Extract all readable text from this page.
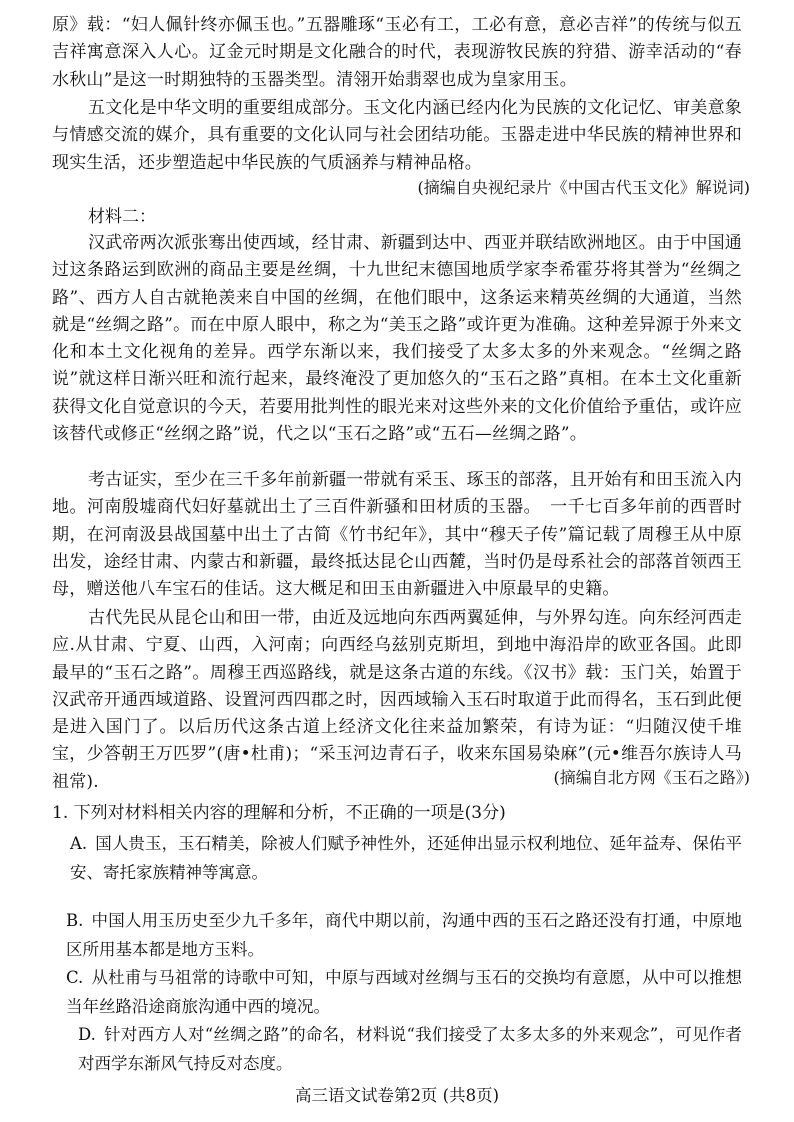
原》载：“妇人佩针终亦佩玉也。”五器雕琢“玉必有工，工必有意，意必吉祥”的传统与似五吉祥寓意深入人心。辽金元时期是文化融合的时代，表现游牧民族的狩猎、游幸活动的“春水秋山”是这一时期独特的玉器类型。清翎开始翡翠也成为皇家用玉。

五文化是中华文明的重要组成部分。玉文化内涵已经内化为民族的文化记忆、审美意象与情感交流的媒介，具有重要的文化认同与社会团结功能。玉器走进中华民族的精神世界和现实生活，还步塑造起中华民族的气质涵养与精神品格。

(摘编自央视纪录片《中国古代玉文化》解说词)
材料二：

汉武帝两次派张骞出使西域，经甘肃、新疆到达中、西亚并联结欧洲地区。由于中国通过这条路运到欧洲的商品主要是丝绸，十九世纪末德国地质学家李希霍芬将其誉为“丝绸之路”、西方人自古就艳羡来自中国的丝绸，在他们眼中，这条运来精英丝绸的大通道，当然就是“丝绸之路”。而在中原人眼中，称之为“美玉之路”或许更为准确。这种差异源于外来文化和本土文化视角的差异。西学东渐以来，我们接受了太多太多的外来观念。“丝绸之路说”就这样日渐兴旺和流行起来，最终淹没了更加悠久的“玉石之路”真相。在本土文化重新获得文化自觉意识的今天，若要用批判性的眼光来对这些外来的文化价值给予重估，或许应该替代或修正“丝纲之路”说，代之以“玉石之路”或“五石—丝绸之路”。

考古证实，至少在三千多年前新疆一带就有采玉、琢玉的部落，且开始有和田玉流入内地。河南殷墟商代妇好墓就出土了三百件新骚和田材质的玉器。　一千七百多年前的西晋时期，在河南汲县战国墓中出土了古简《竹书纪年》，其中“穆天子传”篇记载了周穆王从中原出发，途经甘肃、内蒙古和新疆，最终抵达昆仑山西麓，当时仍是母系社会的部落首领西王母，赠送他八车宝石的佳话。这大概足和田玉由新疆进入中原最早的史籍。

古代先民从昆仑山和田一带，由近及远地向东西两翼延伸，与外界勾连。向东经河西走应.从甘肃、宁夏、山西，入河南；向西经乌兹别克斯坦，到地中海沿岸的欧亚各国。此即最早的“玉石之路”。周穆王西巡路线，就是这条古道的东线。《汉书》载：玉门关，始置于汉武帝开通西域道路、设置河西四郡之时，因西域输入玉石时取道于此而得名，玉石到此便是进入国门了。以后历代这条古道上经济文化往来益加繁荣，有诗为证：“归随汉使千堆宝，少答朝王万匹罗”(唐•杜甫)；“采玉河边青石子，收来东国易染麻”(元•维吾尔族诗人马祖常).	(摘编自北方网《玉石之路》)
1. 下列对材料相关内容的理解和分析，不正确的一项是(3分)
A. 国人贵玉，玉石精美，除被人们赋予神性外，还延伸出显示权利地位、延年益寿、保佑平安、寄托家族精神等寓意。
B. 中国人用玉历史至少九千多年，商代中期以前，沟通中西的玉石之路还没有打通，中原地区所用基本都是地方玉料。
C. 从杜甫与马祖常的诗歌中可知，中原与西域对丝绸与玉石的交换均有意愿，从中可以推想当年丝路沿途商旅沟通中西的境况。
D. 针对西方人对“丝绸之路”的命名，材料说“我们接受了太多太多的外来观念”，可见作者对西学东渐风气持反对态度。
高三语文试卷第2页 (共8页)
